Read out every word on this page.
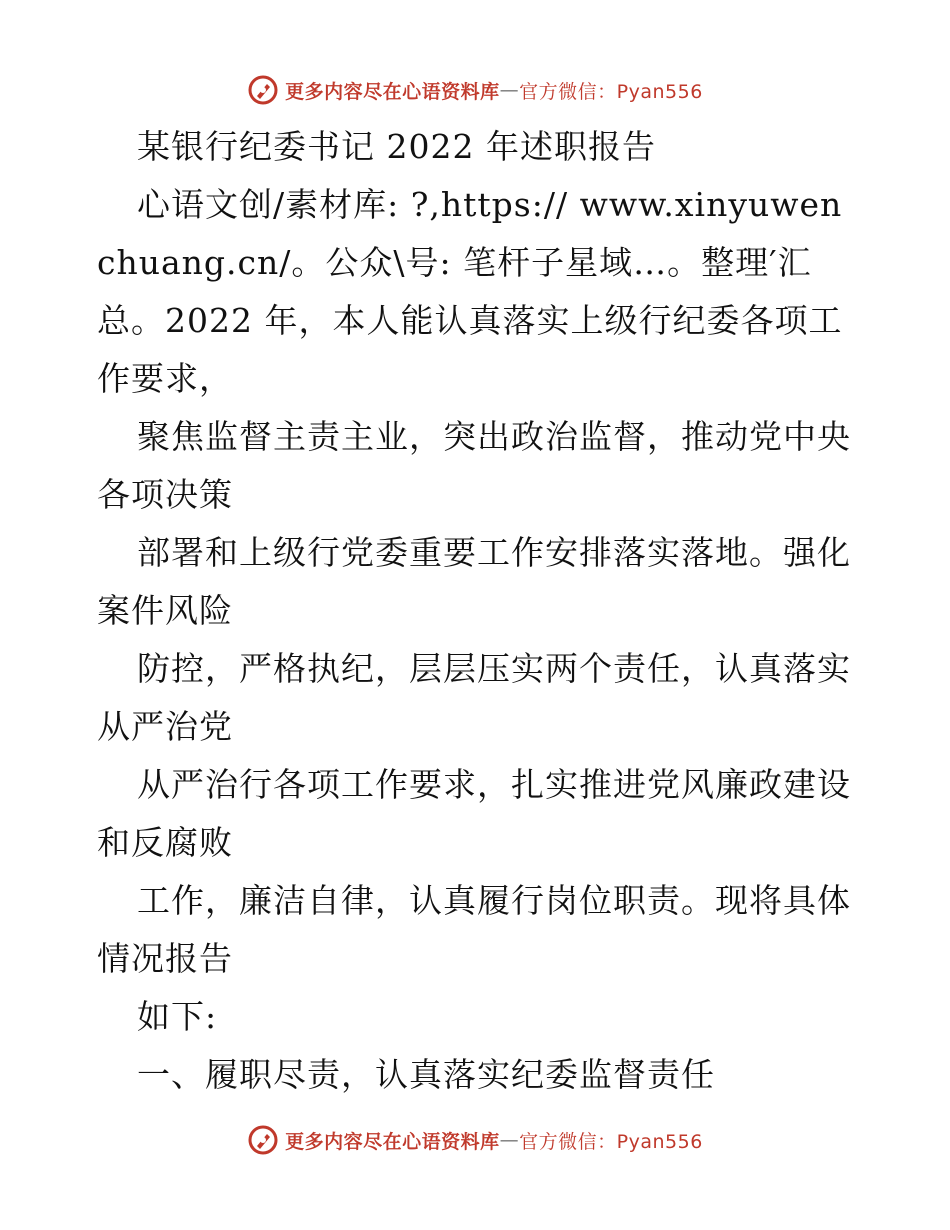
更多内容尽在心语资料库 — 官方微信：Pyan556

某银行纪委书记 2022 年述职报告

心语文创/素材库: ?,https:// www.xinyuwenchuang.cn/。公众\号: 笔杆子星域…。整理′汇总。2022 年，本人能认真落实上级行纪委各项工作要求，

聚焦监督主责主业，突出政治监督，推动党中央各项决策

部署和上级行党委重要工作安排落实落地。强化案件风险

防控，严格执纪，层层压实两个责任，认真落实从严治党

从严治行各项工作要求，扎实推进党风廉政建设和反腐败

工作，廉洁自律，认真履行岗位职责。现将具体情况报告

如下:

一、履职尽责，认真落实纪委监督责任

更多内容尽在心语资料库 — 官方微信：Pyan556
